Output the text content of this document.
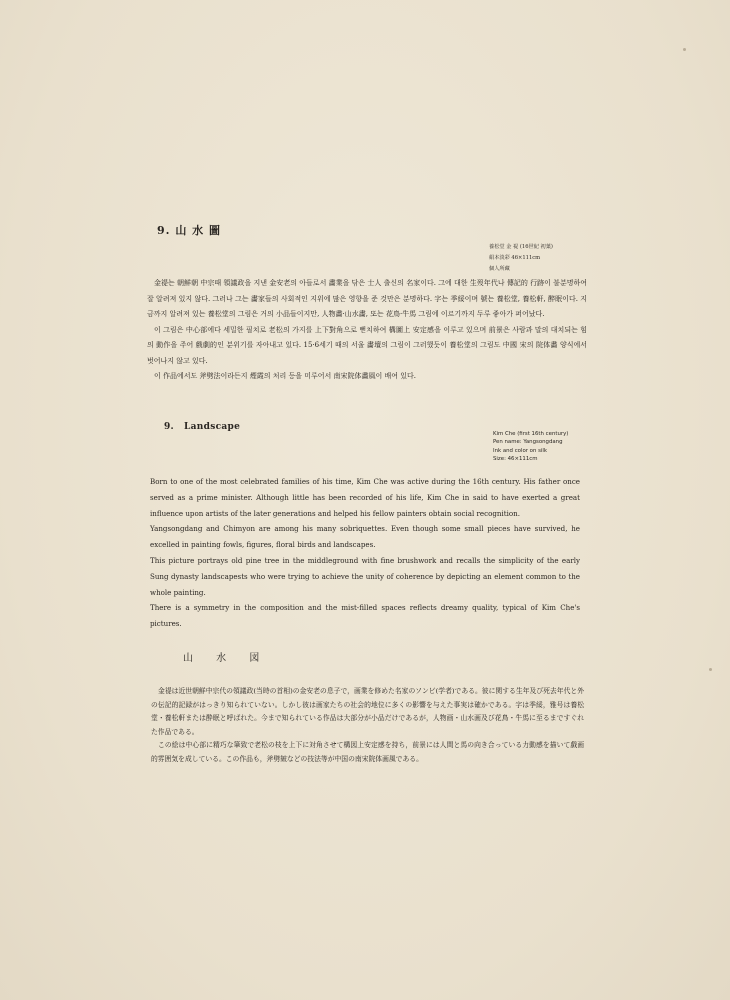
9. 山 水 圖
養松堂 金 禔 (16世紀 初葉)
絹本淡彩 46×111cm
個人所藏

金禔는 朝鮮朝 中宗때 領議政을 지낸 金安老의 아들로서 畵業을 닦은 士人 출신의 名家이다. 그에 대한 生歿年代나 傳記的 行跡이 불분명하여 잘 알려져 있지 않다. 그러나 그는 畵家들의 사회적인 지위에 많은 영향을 준 것만은 분명하다. 字는 季綏이며 號는 養松堂, 養松軒, 醉眠이다. 지금까지 알려져 있는 養松堂의 그림은 거의 小品들이지만, 人物畵·山水畵, 또는 花鳥·牛馬 그림에 이르기까지 두루 좋아가 퍼어났다.

이 그림은 中心部에다 세밀한 필치로 老松의 가지를 上下對角으로 뻗치하여 構圖上 安定感을 이루고 있으며 前景은 사람과 말의 대치되는 힘의 動作을 주어 戲劇的인 분위기를 자아내고 있다. 15·6세기 때의 서울 畵壇의 그림이 그러했듯이 養松堂의 그림도 中國 宋의 院体畵 양식에서 벗어나지 않고 있다.

이 作品에서도 斧劈法이라든지 煙霞의 처리 등을 미루어서 南宋院体畵風이 배여 있다.

9. Landscape
Kim Che (first 16th century)
Pen name: Yangsongdang
Ink and color on silk
Size: 46×111cm

Born to one of the most celebrated families of his time, Kim Che was active during the 16th century. His father once served as a prime minister. Although little has been recorded of his life, Kim Che in said to have exerted a great influence upon artists of the later generations and helped his fellow painters obtain social recognition.

Yangsongdang and Chimyon are among his many sobriquettes. Even though some small pieces have survived, he excelled in painting fowls, figures, floral birds and landscapes.

This picture portrays old pine tree in the middleground with fine brushwork and recalls the simplicity of the early Sung dynasty landscapests who were trying to achieve the unity of coherence by depicting an element common to the whole painting.

There is a symmetry in the composition and the mist-filled spaces reflects dreamy quality, typical of Kim Che's pictures.

山 水 図

金禔は近世朝鮮中宗代の領議政(当時の首相)の金安老の息子で，画業を修めた名家のソンビ(学者)である。彼に関する生年及び死去年代と外の伝記的記録がはっきり知られていない。しかし彼は画家たちの社会的地位に多くの影響を与えた事実は確かである。字は季綏，雅号は養松堂・養松軒または酔眠と呼ばれた。今まで知られている作品は大部分が小品だけであるが，人物画・山水画及び花鳥・牛馬に至るまですぐれた作品である。

この絵は中心部に精巧な筆致で老松の枝を上下に対角させて構図上安定感を持ち，前景には人間と馬の向き合っている力動感を描いて戯画的雰囲気を成している。この作品も，斧劈皴などの技法等が中国の南宋院体画風である。
